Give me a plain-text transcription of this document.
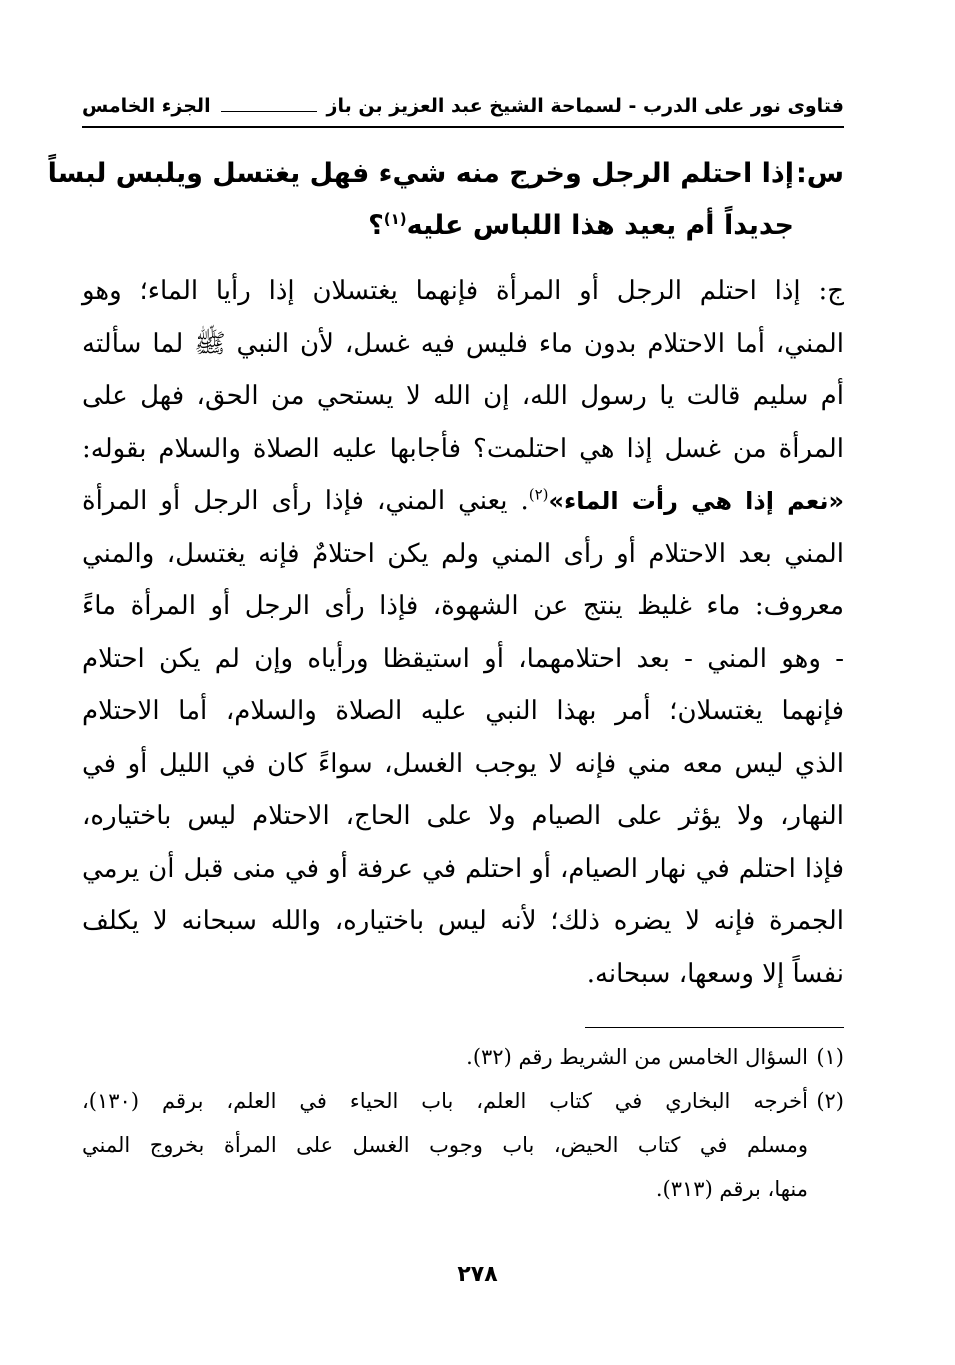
فتاوى نور على الدرب - لسماحة الشيخ عبد العزيز بن باز
الجزء الخامس
س:إذا احتلم الرجل وخرج منه شيء فهل يغتسل ويلبس لبساً
جديداً أم يعيد هذا اللباس عليه$^{(١)}$؟
ج: إذا احتلم الرجل أو المرأة فإنهما يغتسلان إذا رأيا الماء؛ وهو
المني، أما الاحتلام بدون ماء فليس فيه غسل، لأن النبي ﷺ لما سألته
أم سليم قالت يا رسول الله، إن الله لا يستحي من الحق، فهل على
المرأة من غسل إذا هي احتلمت؟ فأجابها عليه الصلاة والسلام بقوله:
«نعم إذا هي رأت الماء»$^{(٢)}$. يعني المني، فإذا رأى الرجل أو المرأة
المني بعد الاحتلام أو رأى المني ولم يكن احتلامٌ فإنه يغتسل، والمني
معروف: ماء غليظ ينتج عن الشهوة، فإذا رأى الرجل أو المرأة ماءً
- وهو المني - بعد احتلامهما، أو استيقظا ورأياه وإن لم يكن احتلام
فإنهما يغتسلان؛ أمر بهذا النبي عليه الصلاة والسلام، أما الاحتلام
الذي ليس معه مني فإنه لا يوجب الغسل، سواءً كان في الليل أو في
النهار، ولا يؤثر على الصيام ولا على الحاج، الاحتلام ليس باختياره،
فإذا احتلم في نهار الصيام، أو احتلم في عرفة أو في منى قبل أن يرمي
الجمرة فإنه لا يضره ذلك؛ لأنه ليس باختياره، والله سبحانه لا يكلف
نفساً إلا وسعها، سبحانه.
(١)السؤال الخامس من الشريط رقم (٣٢).
(٢)أخرجه البخاري في كتاب العلم، باب الحياء في العلم، برقم (١٣٠)،
ومسلم في كتاب الحيض، باب وجوب الغسل على المرأة بخروج المني
منها، برقم (٣١٣).
٢٧٨
